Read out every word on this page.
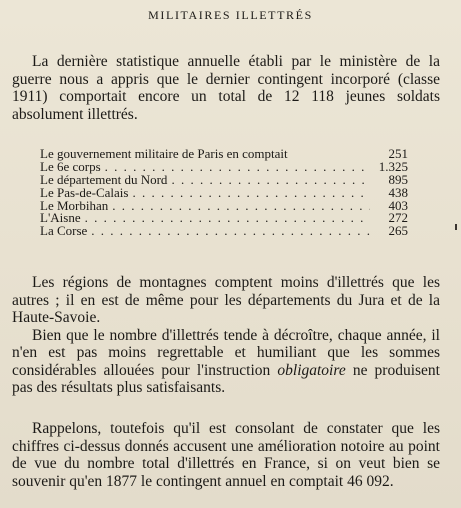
MILITAIRES ILLETTRÉS
La dernière statistique annuelle établi par le ministère de la guerre nous a appris que le dernier contingent incorporé (classe 1911) comportait encore un total de 12 118 jeunes soldats absolument illettrés.
Le gouvernement militaire de Paris en comptait	251
Le 6e corps . . .	1.325
Le département du Nord . . .	895
Le Pas-de-Calais . . .	438
Le Morbihan . . .	403
L'Aisne . . .	272
La Corse . . .	265
Les régions de montagnes comptent moins d'illettrés que les autres ; il en est de même pour les départements du Jura et de la Haute-Savoie.
Bien que le nombre d'illettrés tende à décroître, chaque année, il n'en est pas moins regrettable et humiliant que les sommes considérables allouées pour l'instruction obligatoire ne produisent pas des résultats plus satisfaisants.
Rappelons, toutefois qu'il est consolant de constater que les chiffres ci-dessus donnés accusent une amélioration notoire au point de vue du nombre total d'illettrés en France, si on veut bien se souvenir qu'en 1877 le contingent annuel en comptait 46 092.
